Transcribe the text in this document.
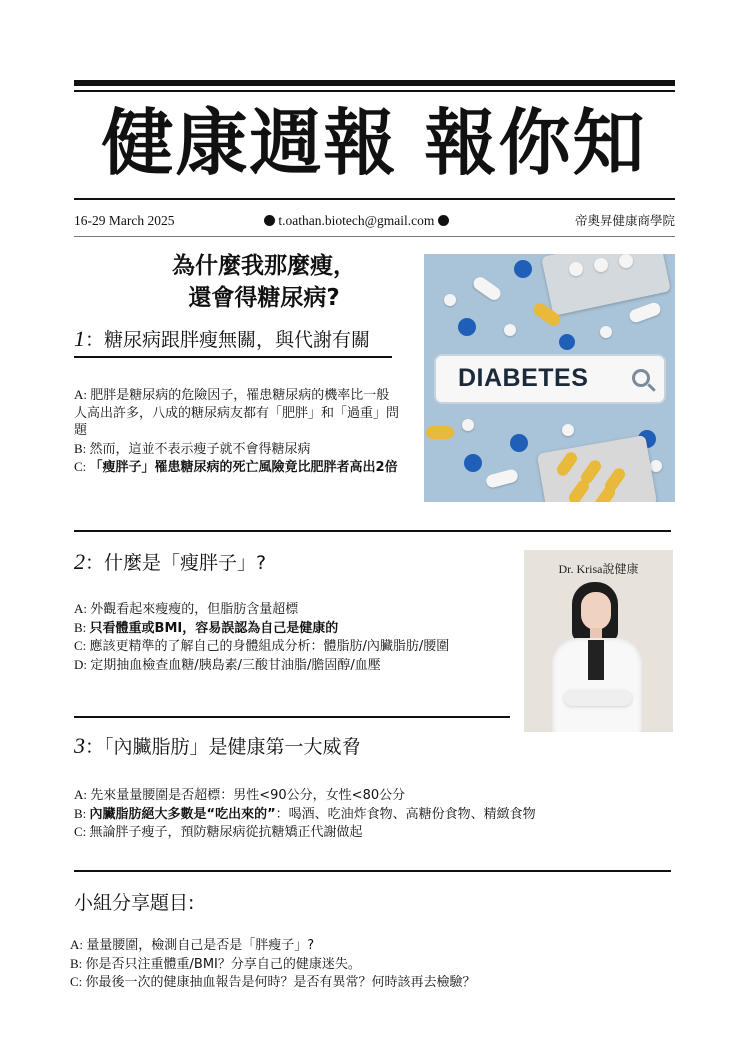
健康週報 報你知
16-29 March 2025	t.oathan.biotech@gmail.com	帝奧昇健康商學院
為什麼我那麼瘦，
還會得糖尿病?
DIABETES
1：糖尿病跟胖瘦無關，與代謝有關
A: 肥胖是糖尿病的危險因子，罹患糖尿病的機率比一般人高出許多，八成的糖尿病友都有「肥胖」和「過重」問題
B: 然而，這並不表示瘦子就不會得糖尿病
C: 「瘦胖子」罹患糖尿病的死亡風險竟比肥胖者高出2倍
2：什麼是「瘦胖子」?	Dr. Krisa說健康
A: 外觀看起來瘦瘦的，但脂肪含量超標
B: 只看體重或BMI，容易誤認為自己是健康的
C: 應該更精準的了解自己的身體組成分析：體脂肪/內臟脂肪/腰圍
D: 定期抽血檢查血糖/胰島素/三酸甘油脂/膽固醇/血壓
3：「內臟脂肪」是健康第一大威脅
A: 先來量量腰圍是否超標：男性<90公分，女性<80公分
B: 內臟脂肪絕大多數是“吃出來的”：喝酒、吃油炸食物、高糖份食物、精緻食物
C: 無論胖子瘦子，預防糖尿病從抗糖矯正代謝做起
小組分享題目:
A: 量量腰圍，檢測自己是否是「胖瘦子」?
B: 你是否只注重體重/BMI？分享自己的健康迷失。
C: 你最後一次的健康抽血報告是何時？是否有異常？何時該再去檢驗？
